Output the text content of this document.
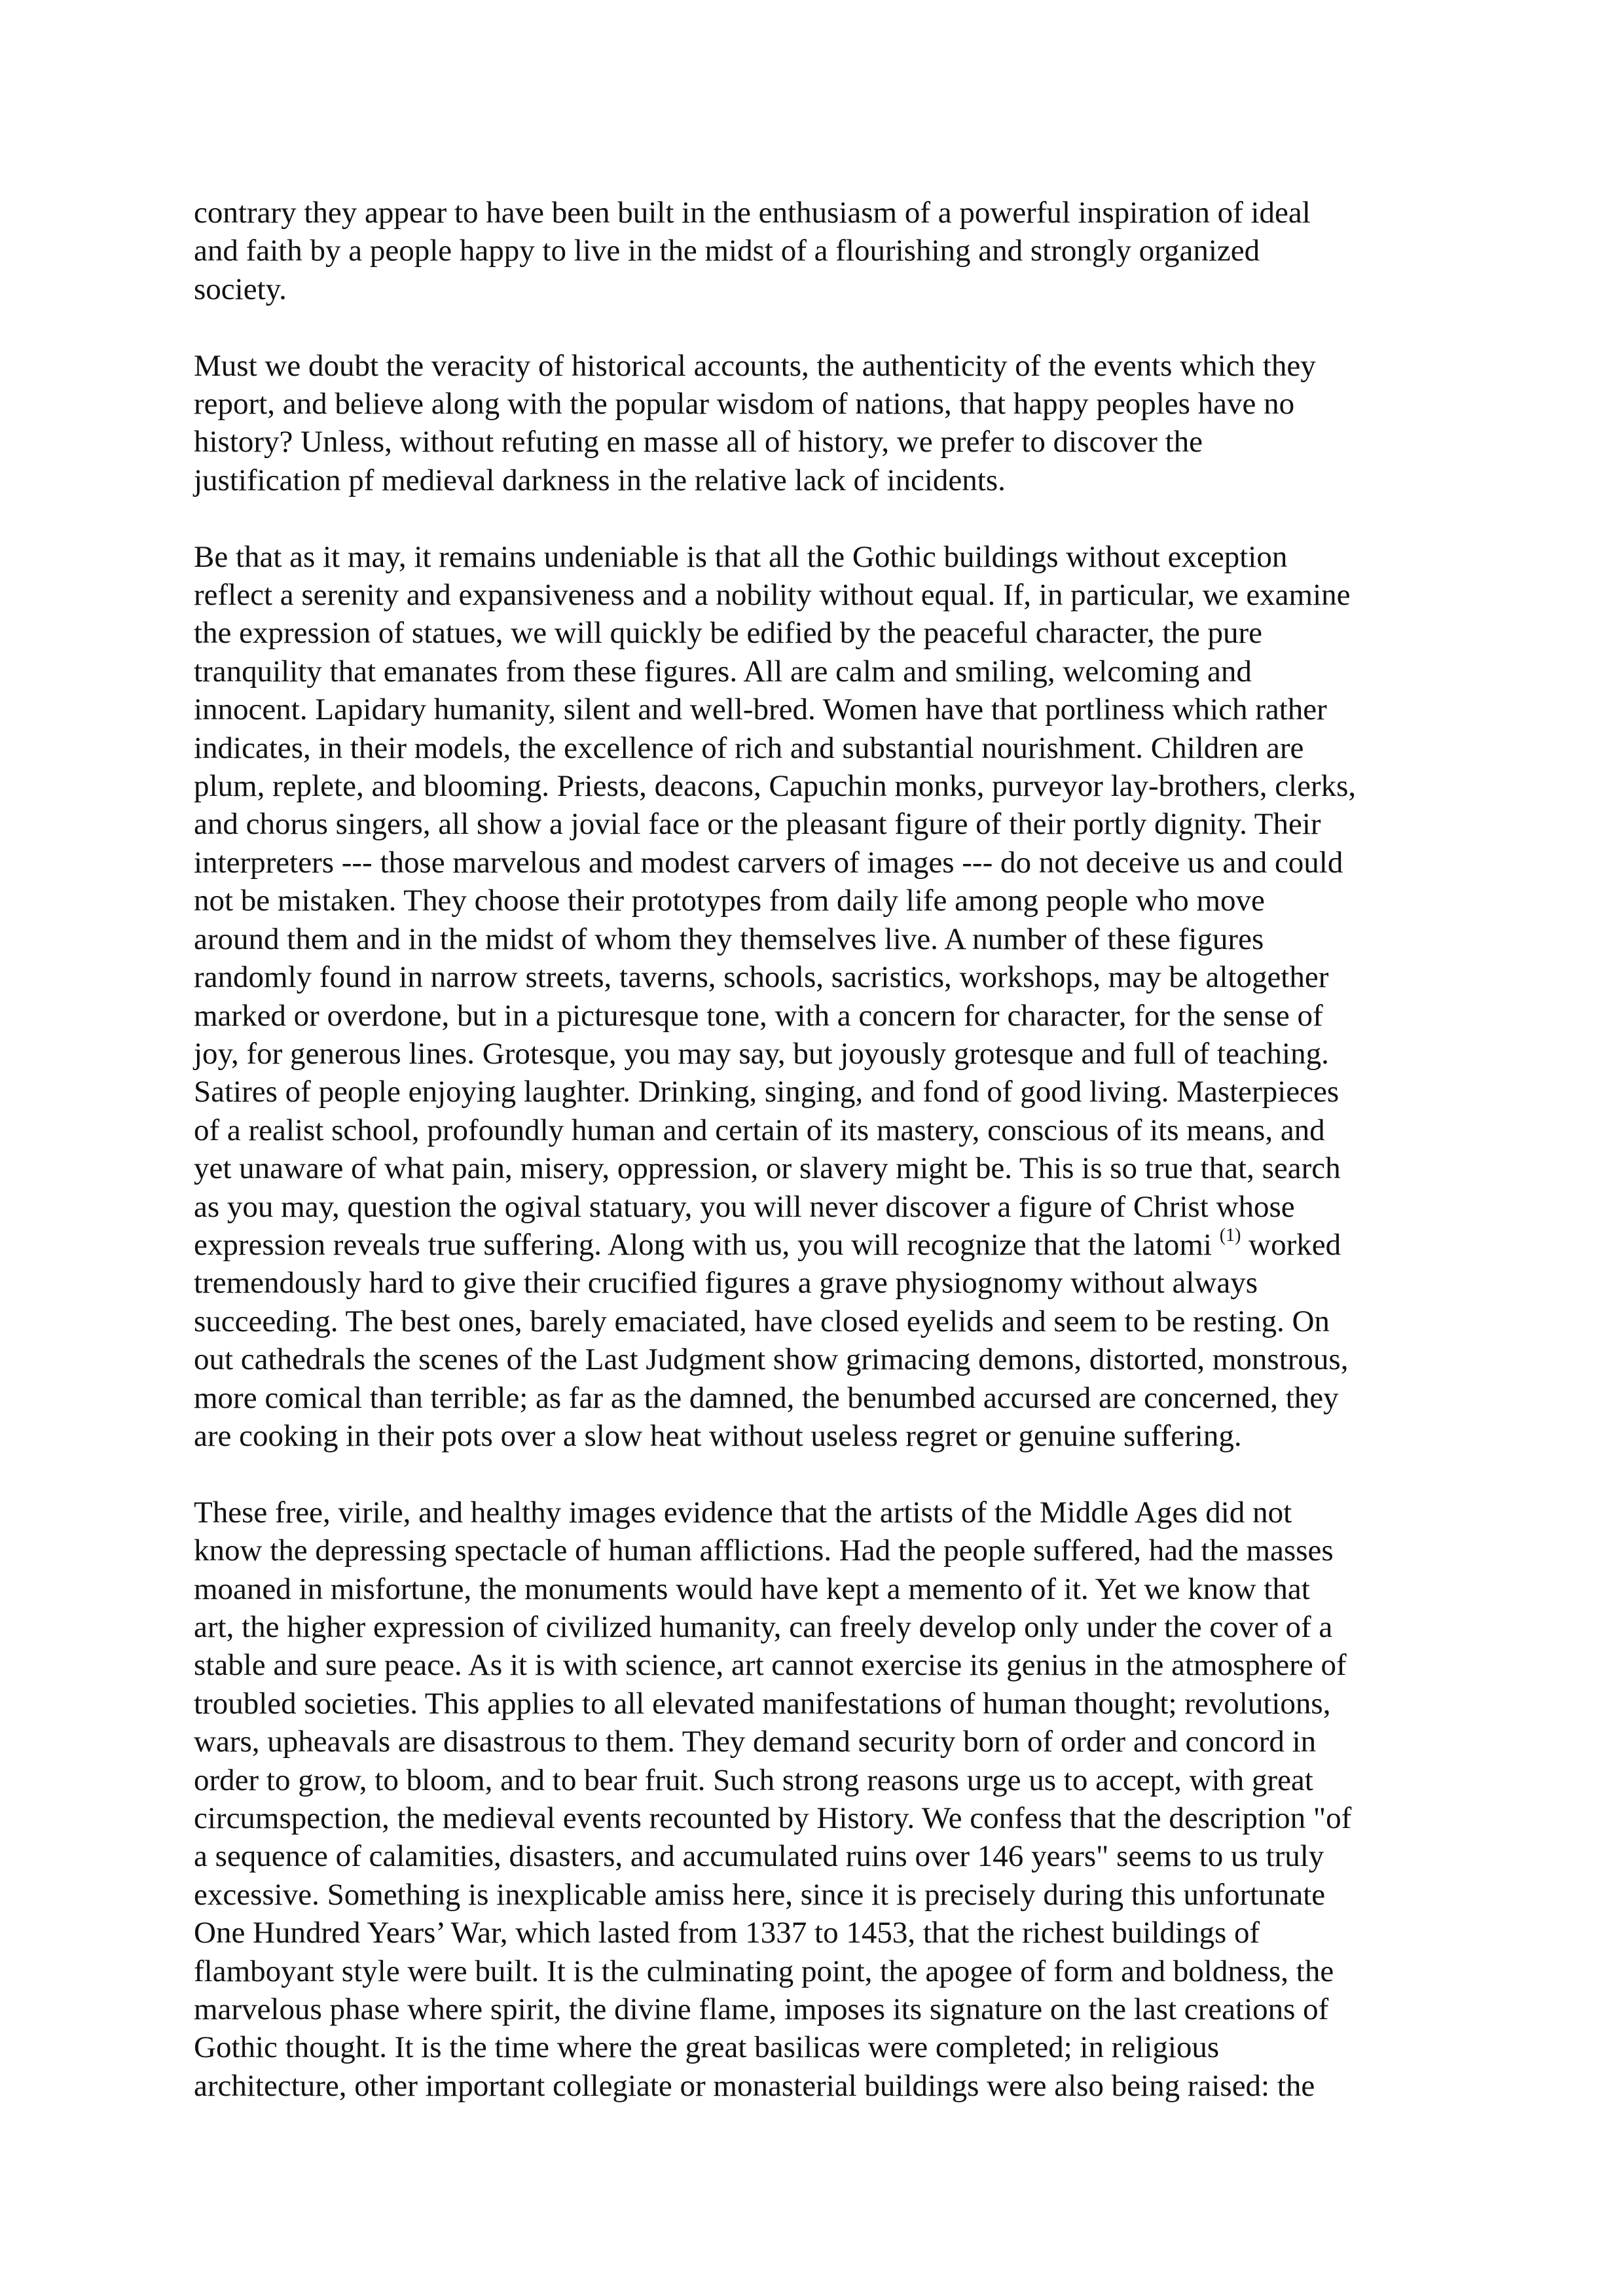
contrary they appear to have been built in the enthusiasm of a powerful inspiration of ideal
and faith by a people happy to live in the midst of a flourishing and strongly organized
society.
Must we doubt the veracity of historical accounts, the authenticity of the events which they
report, and believe along with the popular wisdom of nations, that happy peoples have no
history? Unless, without refuting en masse all of history, we prefer to discover the
justification pf medieval darkness in the relative lack of incidents.
Be that as it may, it remains undeniable is that all the Gothic buildings without exception
reflect a serenity and expansiveness and a nobility without equal. If, in particular, we examine
the expression of statues, we will quickly be edified by the peaceful character, the pure
tranquility that emanates from these figures. All are calm and smiling, welcoming and
innocent. Lapidary humanity, silent and well-bred. Women have that portliness which rather
indicates, in their models, the excellence of rich and substantial nourishment. Children are
plum, replete, and blooming. Priests, deacons, Capuchin monks, purveyor lay-brothers, clerks,
and chorus singers, all show a jovial face or the pleasant figure of their portly dignity. Their
interpreters --- those marvelous and modest carvers of images --- do not deceive us and could
not be mistaken. They choose their prototypes from daily life among people who move
around them and in the midst of whom they themselves live. A number of these figures
randomly found in narrow streets, taverns, schools, sacristics, workshops, may be altogether
marked or overdone, but in a picturesque tone, with a concern for character, for the sense of
joy, for generous lines. Grotesque, you may say, but joyously grotesque and full of teaching.
Satires of people enjoying laughter. Drinking, singing, and fond of good living. Masterpieces
of a realist school, profoundly human and certain of its mastery, conscious of its means, and
yet unaware of what pain, misery, oppression, or slavery might be. This is so true that, search
as you may, question the ogival statuary, you will never discover a figure of Christ whose
expression reveals true suffering. Along with us, you will recognize that the latomi $^{(1)}$ worked
tremendously hard to give their crucified figures a grave physiognomy without always
succeeding. The best ones, barely emaciated, have closed eyelids and seem to be resting. On
out cathedrals the scenes of the Last Judgment show grimacing demons, distorted, monstrous,
more comical than terrible; as far as the damned, the benumbed accursed are concerned, they
are cooking in their pots over a slow heat without useless regret or genuine suffering.
These free, virile, and healthy images evidence that the artists of the Middle Ages did not
know the depressing spectacle of human afflictions. Had the people suffered, had the masses
moaned in misfortune, the monuments would have kept a memento of it. Yet we know that
art, the higher expression of civilized humanity, can freely develop only under the cover of a
stable and sure peace. As it is with science, art cannot exercise its genius in the atmosphere of
troubled societies. This applies to all elevated manifestations of human thought; revolutions,
wars, upheavals are disastrous to them. They demand security born of order and concord in
order to grow, to bloom, and to bear fruit. Such strong reasons urge us to accept, with great
circumspection, the medieval events recounted by History. We confess that the description "of
a sequence of calamities, disasters, and accumulated ruins over 146 years" seems to us truly
excessive. Something is inexplicable amiss here, since it is precisely during this unfortunate
One Hundred Years’ War, which lasted from 1337 to 1453, that the richest buildings of
flamboyant style were built. It is the culminating point, the apogee of form and boldness, the
marvelous phase where spirit, the divine flame, imposes its signature on the last creations of
Gothic thought. It is the time where the great basilicas were completed; in religious
architecture, other important collegiate or monasterial buildings were also being raised: the
